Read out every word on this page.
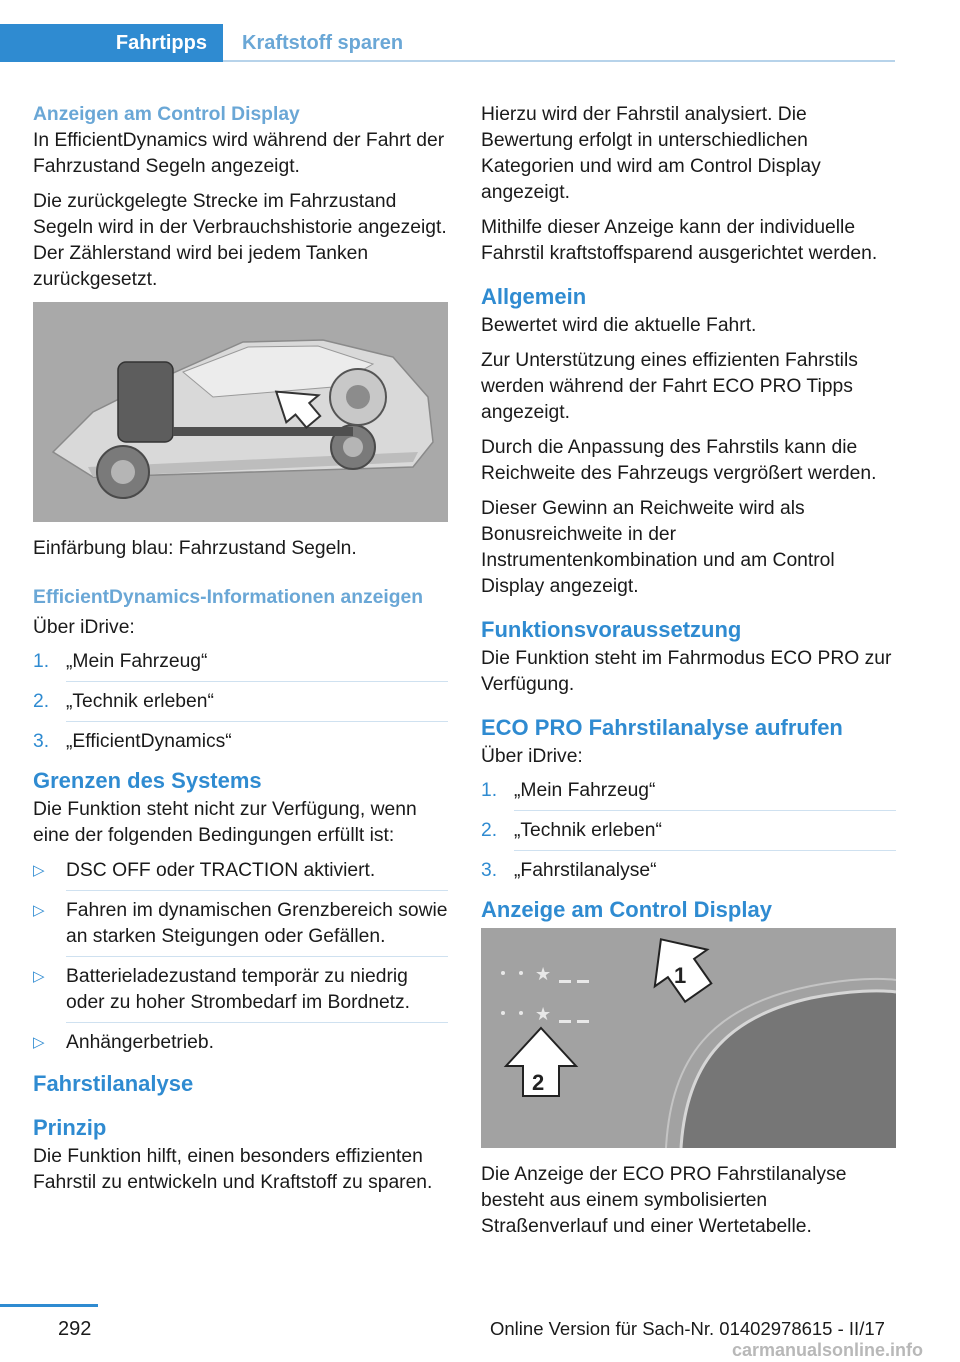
Fahrtipps	Kraftstoff sparen
Anzeigen am Control Display

In EfficientDynamics wird während der Fahrt der Fahrzustand Segeln angezeigt.

Die zurückgelegte Strecke im Fahrzustand Segeln wird in der Verbrauchshistorie angezeigt. Der Zählerstand wird bei jedem Tanken zurückgesetzt.

Einfärbung blau: Fahrzustand Segeln.

EfficientDynamics-Informationen anzeigen

Über iDrive:

1. „Mein Fahrzeug“
2. „Technik erleben“
3. „EfficientDynamics“
Grenzen des Systems

Die Funktion steht nicht zur Verfügung, wenn eine der folgenden Bedingungen erfüllt ist:

▷ DSC OFF oder TRACTION aktiviert.
▷ Fahren im dynamischen Grenzbereich sowie an starken Steigungen oder Gefällen.
▷ Batterieladezustand temporär zu niedrig oder zu hoher Strombedarf im Bordnetz.
▷ Anhängerbetrieb.
Fahrstilanalyse
Prinzip

Die Funktion hilft, einen besonders effizienten Fahrstil zu entwickeln und Kraftstoff zu sparen.

Hierzu wird der Fahrstil analysiert. Die Bewertung erfolgt in unterschiedlichen Kategorien und wird am Control Display angezeigt.

Mithilfe dieser Anzeige kann der individuelle Fahrstil kraftstoffsparend ausgerichtet werden.

Allgemein

Bewertet wird die aktuelle Fahrt.

Zur Unterstützung eines effizienten Fahrstils werden während der Fahrt ECO PRO Tipps angezeigt.

Durch die Anpassung des Fahrstils kann die Reichweite des Fahrzeugs vergrößert werden.

Dieser Gewinn an Reichweite wird als Bonusreichweite in der Instrumentenkombination und am Control Display angezeigt.

Funktionsvoraussetzung

Die Funktion steht im Fahrmodus ECO PRO zur Verfügung.

ECO PRO Fahrstilanalyse aufrufen

Über iDrive:

1. „Mein Fahrzeug“
2. „Technik erleben“
3. „Fahrstilanalyse“
Anzeige am Control Display
★
★
1
2

Die Anzeige der ECO PRO Fahrstilanalyse besteht aus einem symbolisierten Straßenverlauf und einer Wertetabelle.

292	Online Version für Sach-Nr. 01402978615 - II/17
carmanualsonline.info
